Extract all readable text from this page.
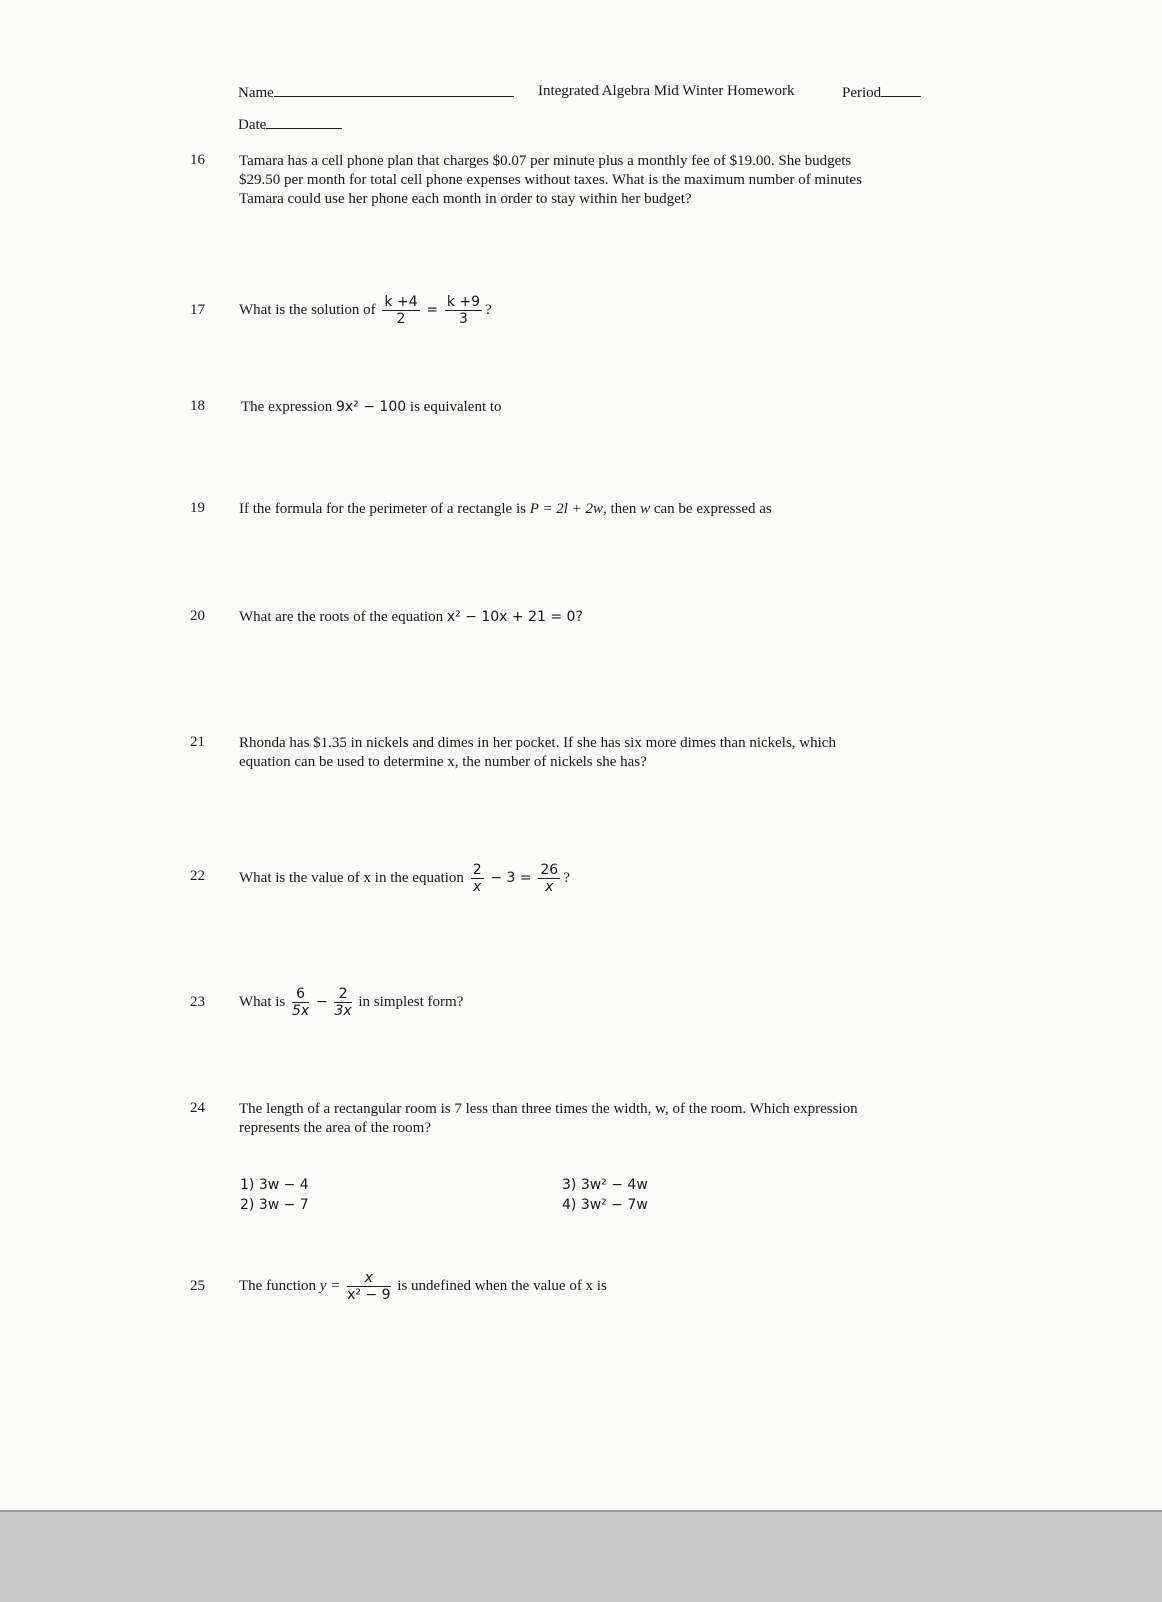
Name	Integrated Algebra Mid Winter Homework	Period
Date
16 Tamara has a cell phone plan that charges $0.07 per minute plus a monthly fee of $19.00. She budgets
$29.50 per month for total cell phone expenses without taxes. What is the maximum number of minutes
Tamara could use her phone each month in order to stay within her budget?
17 What is the solution of $\frac{k +4}{2} = \frac{k +9}{3}$ ?
18 The expression 9x² − 100 is equivalent to
19 If the formula for the perimeter of a rectangle is P = 2l + 2w, then w can be expressed as
20 What are the roots of the equation x² − 10x + 21 = 0?
21 Rhonda has $1.35 in nickels and dimes in her pocket. If she has six more dimes than nickels, which
equation can be used to determine x, the number of nickels she has?
22 What is the value of x in the equation $\frac{2}{x} - 3 = \frac{26}{x}$ ?
23 What is $\frac{6}{5x} - \frac{2}{3x}$ in simplest form?
24 The length of a rectangular room is 7 less than three times the width, w, of the room. Which expression
represents the area of the room?
1) 3w − 4
2) 3w − 7
3) 3w² − 4w
4) 3w² − 7w
25 The function $y = \frac{x}{\text{x² − 9}}$ is undefined when the value of x is
